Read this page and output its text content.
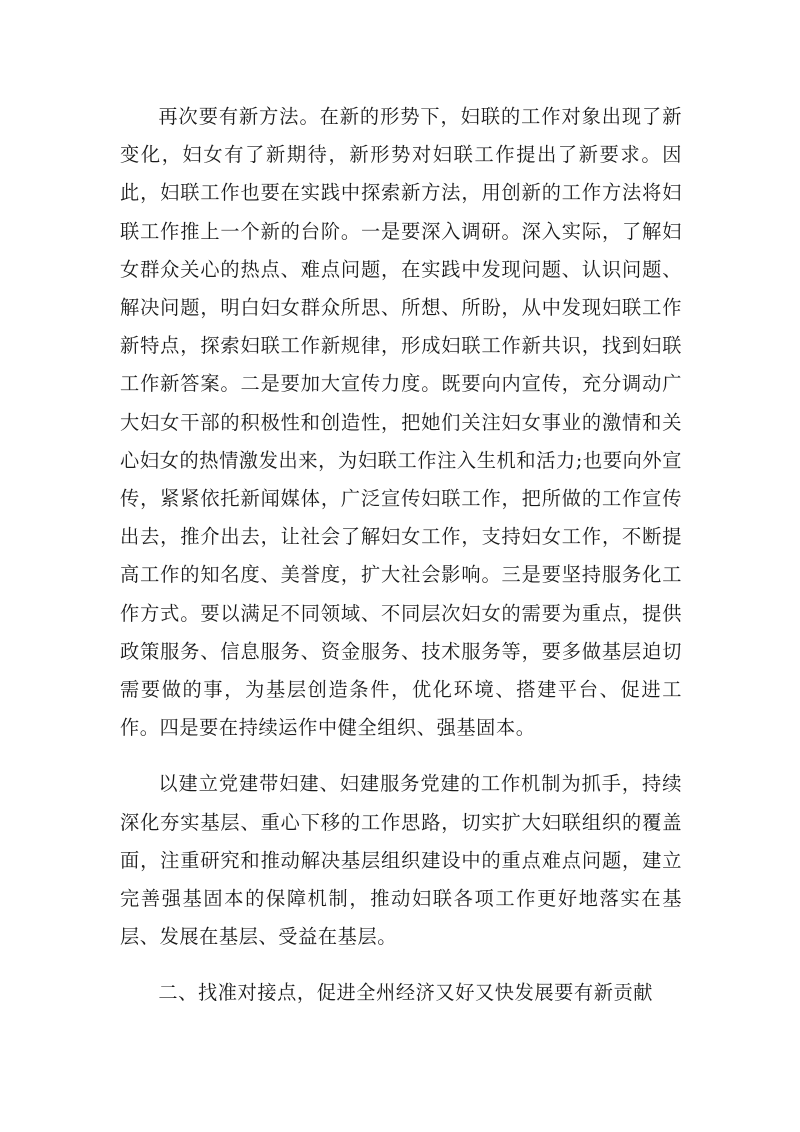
再次要有新方法。在新的形势下，妇联的工作对象出现了新变化，妇女有了新期待，新形势对妇联工作提出了新要求。因此，妇联工作也要在实践中探索新方法，用创新的工作方法将妇联工作推上一个新的台阶。一是要深入调研。深入实际，了解妇女群众关心的热点、难点问题，在实践中发现问题、认识问题、解决问题，明白妇女群众所思、所想、所盼，从中发现妇联工作新特点，探索妇联工作新规律，形成妇联工作新共识，找到妇联工作新答案。二是要加大宣传力度。既要向内宣传，充分调动广大妇女干部的积极性和创造性，把她们关注妇女事业的激情和关心妇女的热情激发出来，为妇联工作注入生机和活力;也要向外宣传，紧紧依托新闻媒体，广泛宣传妇联工作，把所做的工作宣传出去，推介出去，让社会了解妇女工作，支持妇女工作，不断提高工作的知名度、美誉度，扩大社会影响。三是要坚持服务化工作方式。要以满足不同领域、不同层次妇女的需要为重点，提供政策服务、信息服务、资金服务、技术服务等，要多做基层迫切需要做的事，为基层创造条件，优化环境、搭建平台、促进工作。四是要在持续运作中健全组织、强基固本。

以建立党建带妇建、妇建服务党建的工作机制为抓手，持续深化夯实基层、重心下移的工作思路，切实扩大妇联组织的覆盖面，注重研究和推动解决基层组织建设中的重点难点问题，建立完善强基固本的保障机制，推动妇联各项工作更好地落实在基层、发展在基层、受益在基层。

二、找准对接点，促进全州经济又好又快发展要有新贡献
